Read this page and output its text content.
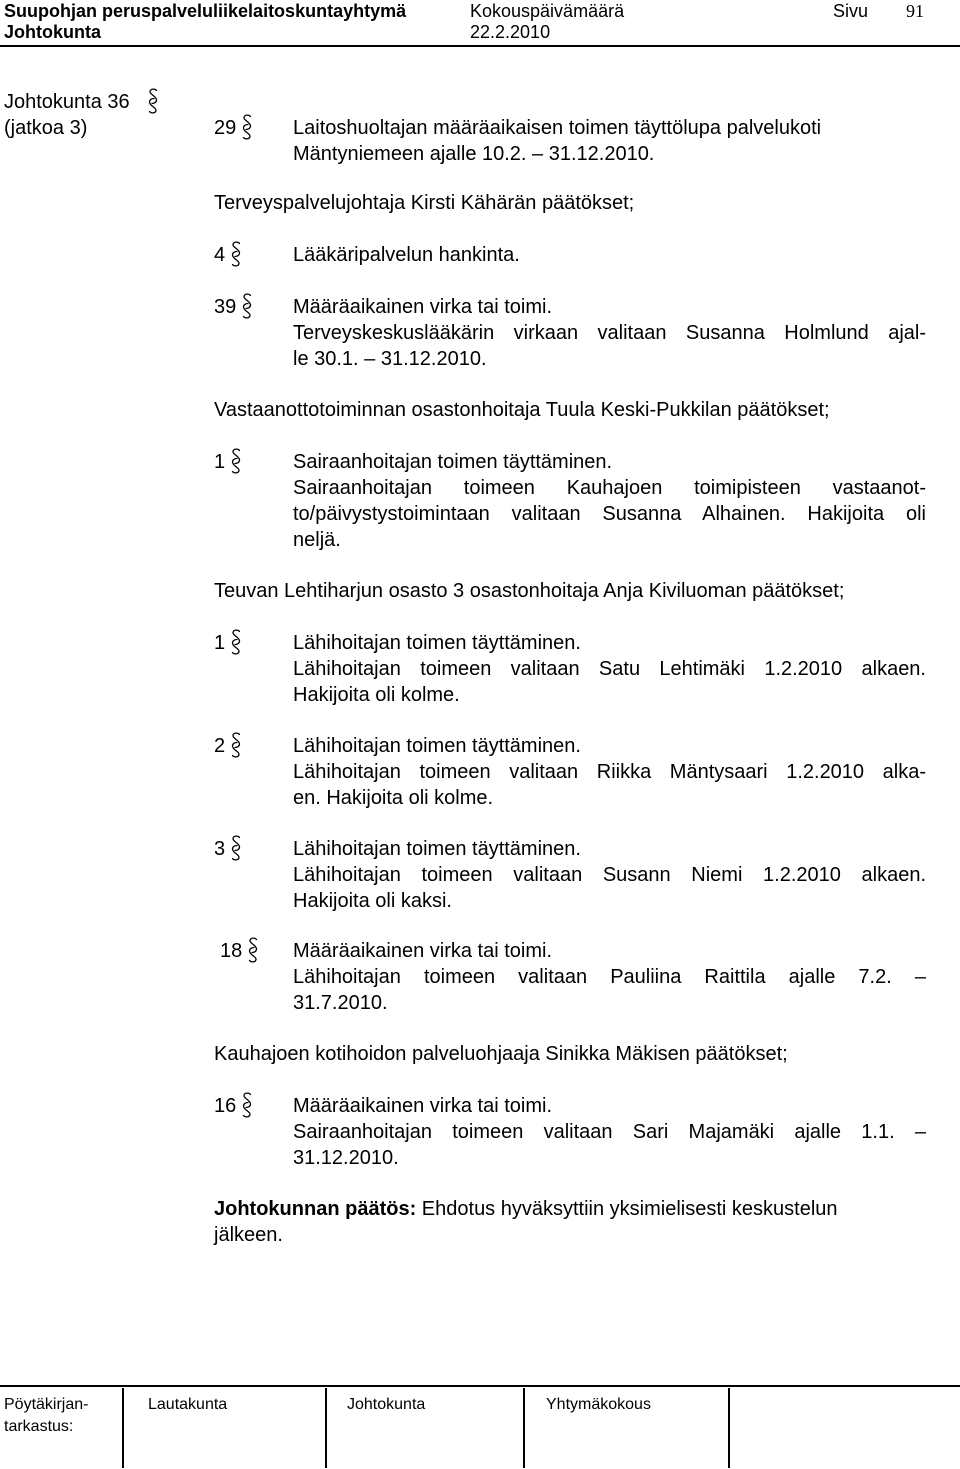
Suupohjan peruspalveluliikelaitoskuntayhtymä
Johtokunta
Kokouspäivämäärä
22.2.2010
Sivu 91
Johtokunta 36
(jatkoa 3)	29	Laitoshuoltajan määräaikaisen toimen täyttölupa palvelukoti
Mäntyniemeen ajalle 10.2. – 31.12.2010.
Terveyspalvelujohtaja Kirsti Kähärän päätökset;
4	Lääkäripalvelun hankinta.
39	Määräaikainen virka tai toimi.
Terveyskeskuslääkärin virkaan valitaan Susanna Holmlund ajal-
le 30.1. – 31.12.2010.
Vastaanottotoiminnan osastonhoitaja Tuula Keski-Pukkilan päätökset;
1	Sairaanhoitajan toimen täyttäminen.
Sairaanhoitajan toimeen Kauhajoen toimipisteen vastaanot-
to/päivystystoimintaan valitaan Susanna Alhainen. Hakijoita oli
neljä.
Teuvan Lehtiharjun osasto 3 osastonhoitaja Anja Kiviluoman päätökset;
1	Lähihoitajan toimen täyttäminen.
Lähihoitajan toimeen valitaan Satu Lehtimäki 1.2.2010 alkaen.
Hakijoita oli kolme.
2	Lähihoitajan toimen täyttäminen.
Lähihoitajan toimeen valitaan Riikka Mäntysaari 1.2.2010 alka-
en. Hakijoita oli kolme.
3	Lähihoitajan toimen täyttäminen.
Lähihoitajan toimeen valitaan Susann Niemi 1.2.2010 alkaen.
Hakijoita oli kaksi.
18	Määräaikainen virka tai toimi.
Lähihoitajan toimeen valitaan Pauliina Raittila ajalle 7.2. –
31.7.2010.
Kauhajoen kotihoidon palveluohjaaja Sinikka Mäkisen päätökset;
16	Määräaikainen virka tai toimi.
Sairaanhoitajan toimeen valitaan Sari Majamäki ajalle 1.1. –
31.12.2010.
Johtokunnan päätös: Ehdotus hyväksyttiin yksimielisesti keskustelun
jälkeen.
Pöytäkirjan-
tarkastus:
Lautakunta	Johtokunta	Yhtymäkokous
